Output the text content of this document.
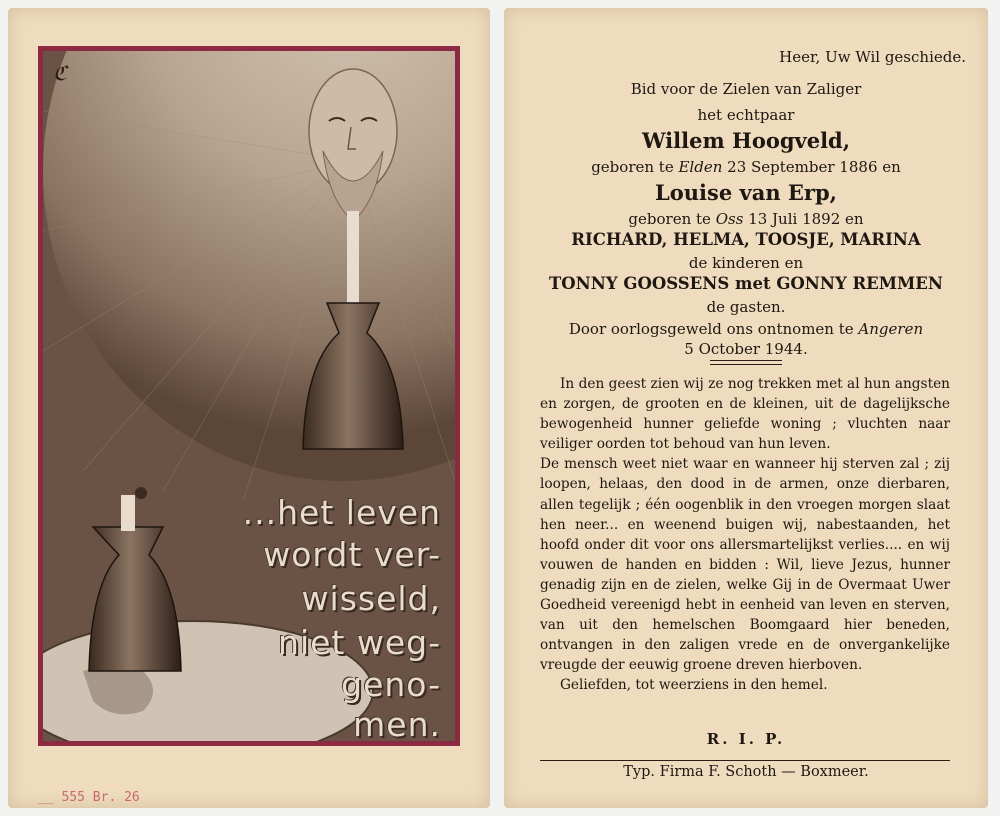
ℭ
...het leven
wordt ver-
wisseld,
niet weg-
geno-
men.
__ 555 Br. 26
Heer, Uw Wil geschiede.
Bid voor de Zielen van Zaliger
het echtpaar
Willem Hoogveld,
geboren te Elden 23 September 1886 en
Louise van Erp,
geboren te Oss 13 Juli 1892 en
RICHARD, HELMA, TOOSJE, MARINA
de kinderen en
TONNY GOOSSENS met GONNY REMMEN
de gasten.
Door oorlogsgeweld ons ontnomen te Angeren
5 October 1944.

In den geest zien wij ze nog trekken met al hun angsten en zorgen, de grooten en de kleinen, uit de dagelijksche bewogenheid hunner geliefde woning ; vluchten naar veiliger oorden tot behoud van hun leven.

De mensch weet niet waar en wanneer hij sterven zal ; zij loopen, helaas, den dood in de armen, onze dierbaren, allen tegelijk ; één oogenblik in den vroegen morgen slaat hen neer... en weenend buigen wij, nabestaanden, het hoofd onder dit voor ons allersmartelijkst verlies.... en wij vouwen de handen en bidden : Wil, lieve Jezus, hunner genadig zijn en de zielen, welke Gij in de Overmaat Uwer Goedheid vereenigd hebt in eenheid van leven en sterven, van uit den hemelschen Boomgaard hier beneden, ontvangen in den zaligen vrede en de onvergankelijke vreugde der eeuwig groene dreven hierboven.

Geliefden, tot weerziens in den hemel.

R. I. P.
Typ. Firma F. Schoth — Boxmeer.
